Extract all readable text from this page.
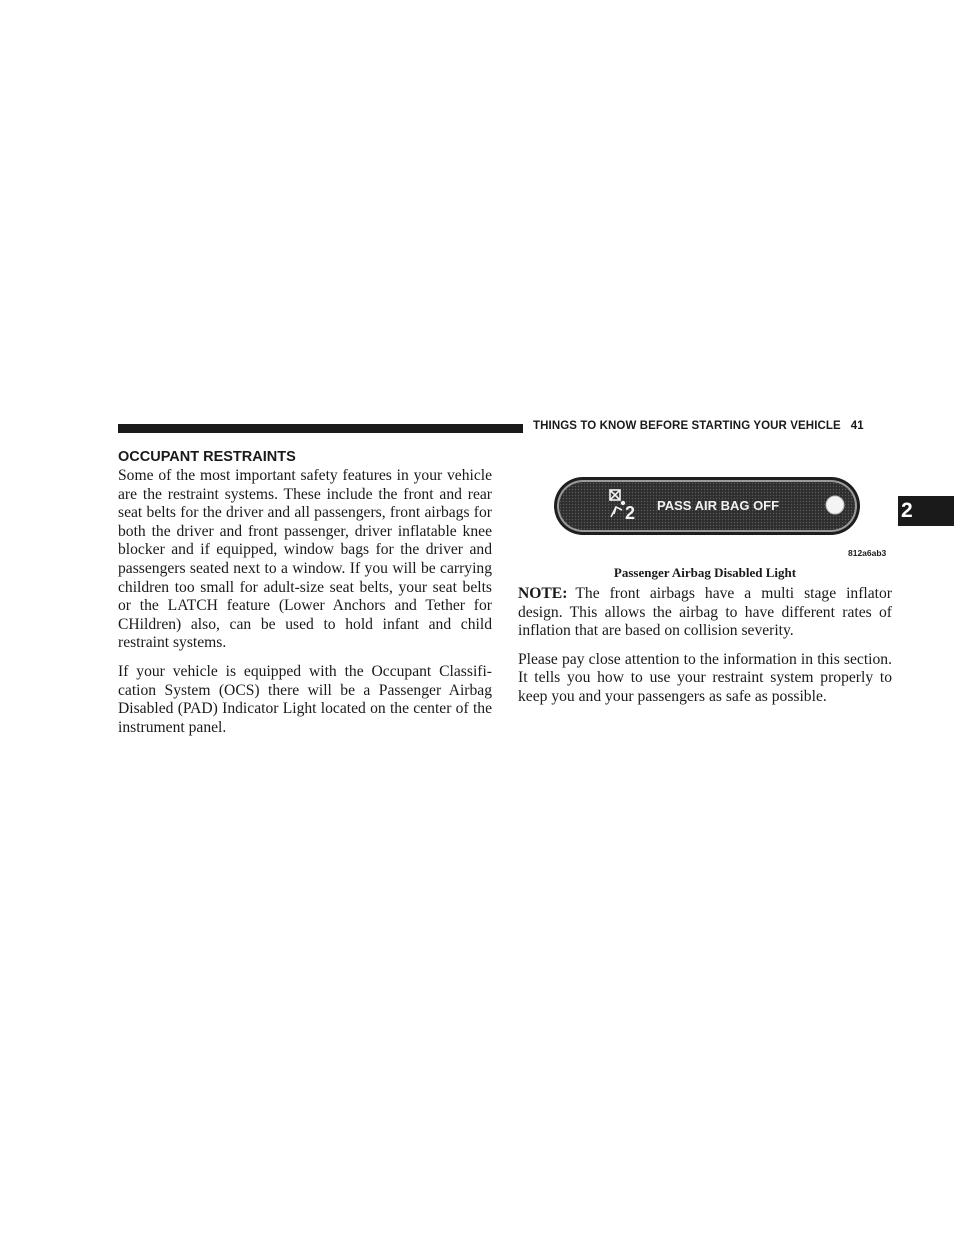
THINGS TO KNOW BEFORE STARTING YOUR VEHICLE 41
2
OCCUPANT RESTRAINTS

Some of the most important safety features in your vehicle are the restraint systems. These include the front and rear seat belts for the driver and all passengers, front airbags for both the driver and front passenger, driver inflatable knee blocker and if equipped, window bags for the driver and passengers seated next to a window. If you will be carrying children too small for adult-size seat belts, your seat belts or the LATCH feature (Lower Anchors and Tether for CHildren) also, can be used to hold infant and child restraint systems.

If your vehicle is equipped with the Occupant Classifi-cation System (OCS) there will be a Passenger Airbag Disabled (PAD) Indicator Light located on the center of the instrument panel.

2 PASS AIR BAG OFF
812a6ab3
Passenger Airbag Disabled Light

NOTE: The front airbags have a multi stage inflator design. This allows the airbag to have different rates of inflation that are based on collision severity.

Please pay close attention to the information in this section. It tells you how to use your restraint system properly to keep you and your passengers as safe as possible.
